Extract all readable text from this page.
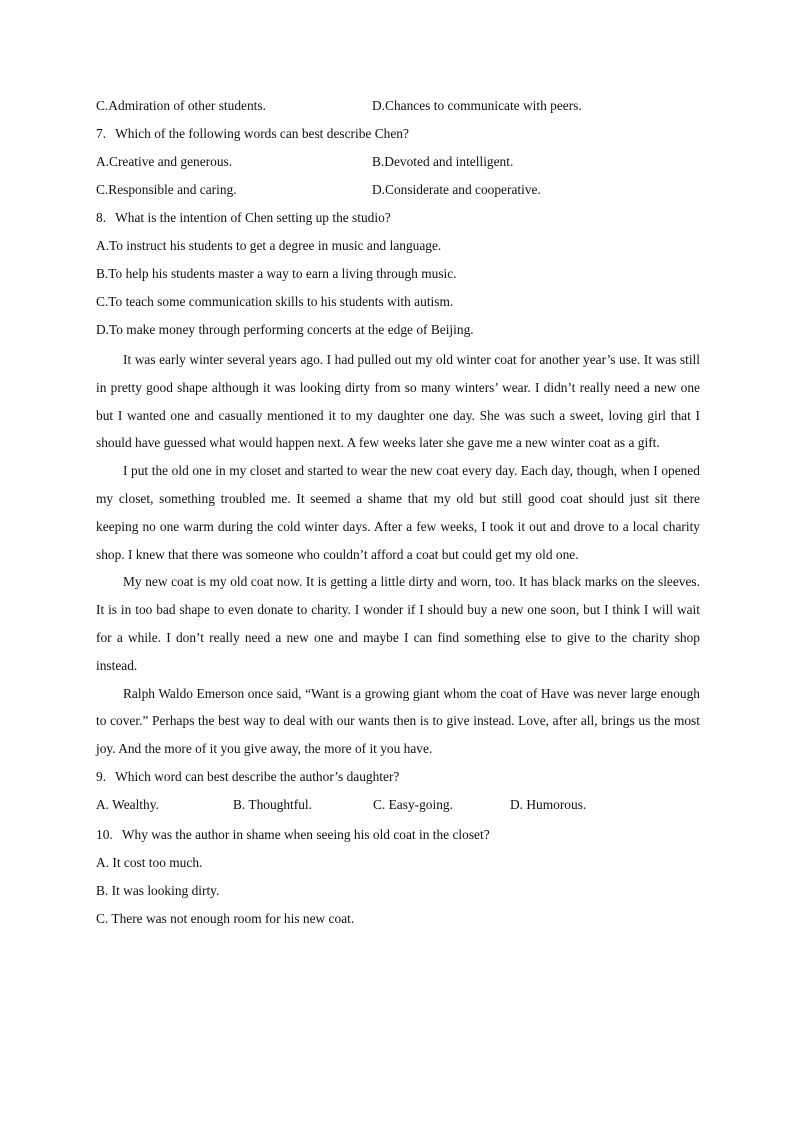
C.Admiration of other students.	D.Chances to communicate with peers.
7. Which of the following words can best describe Chen?
A.Creative and generous.	B.Devoted and intelligent.
C.Responsible and caring.	D.Considerate and cooperative.
8. What is the intention of Chen setting up the studio?
A.To instruct his students to get a degree in music and language.
B.To help his students master a way to earn a living through music.
C.To teach some communication skills to his students with autism.
D.To make money through performing concerts at the edge of Beijing.

It was early winter several years ago. I had pulled out my old winter coat for another year’s use. It was still in pretty good shape although it was looking dirty from so many winters’ wear. I didn’t really need a new one but I wanted one and casually mentioned it to my daughter one day. She was such a sweet, loving girl that I should have guessed what would happen next. A few weeks later she gave me a new winter coat as a gift.

I put the old one in my closet and started to wear the new coat every day. Each day, though, when I opened my closet, something troubled me. It seemed a shame that my old but still good coat should just sit there keeping no one warm during the cold winter days. After a few weeks, I took it out and drove to a local charity shop. I knew that there was someone who couldn’t afford a coat but could get my old one.

My new coat is my old coat now. It is getting a little dirty and worn, too. It has black marks on the sleeves. It is in too bad shape to even donate to charity. I wonder if I should buy a new one soon, but I think I will wait for a while. I don’t really need a new one and maybe I can find something else to give to the charity shop instead.

Ralph Waldo Emerson once said, “Want is a growing giant whom the coat of Have was never large enough to cover.” Perhaps the best way to deal with our wants then is to give instead. Love, after all, brings us the most joy. And the more of it you give away, the more of it you have.

9. Which word can best describe the author’s daughter?
A. Wealthy.	B. Thoughtful.	C. Easy-going.	D. Humorous.
10. Why was the author in shame when seeing his old coat in the closet?
A. It cost too much.
B. It was looking dirty.
C. There was not enough room for his new coat.
